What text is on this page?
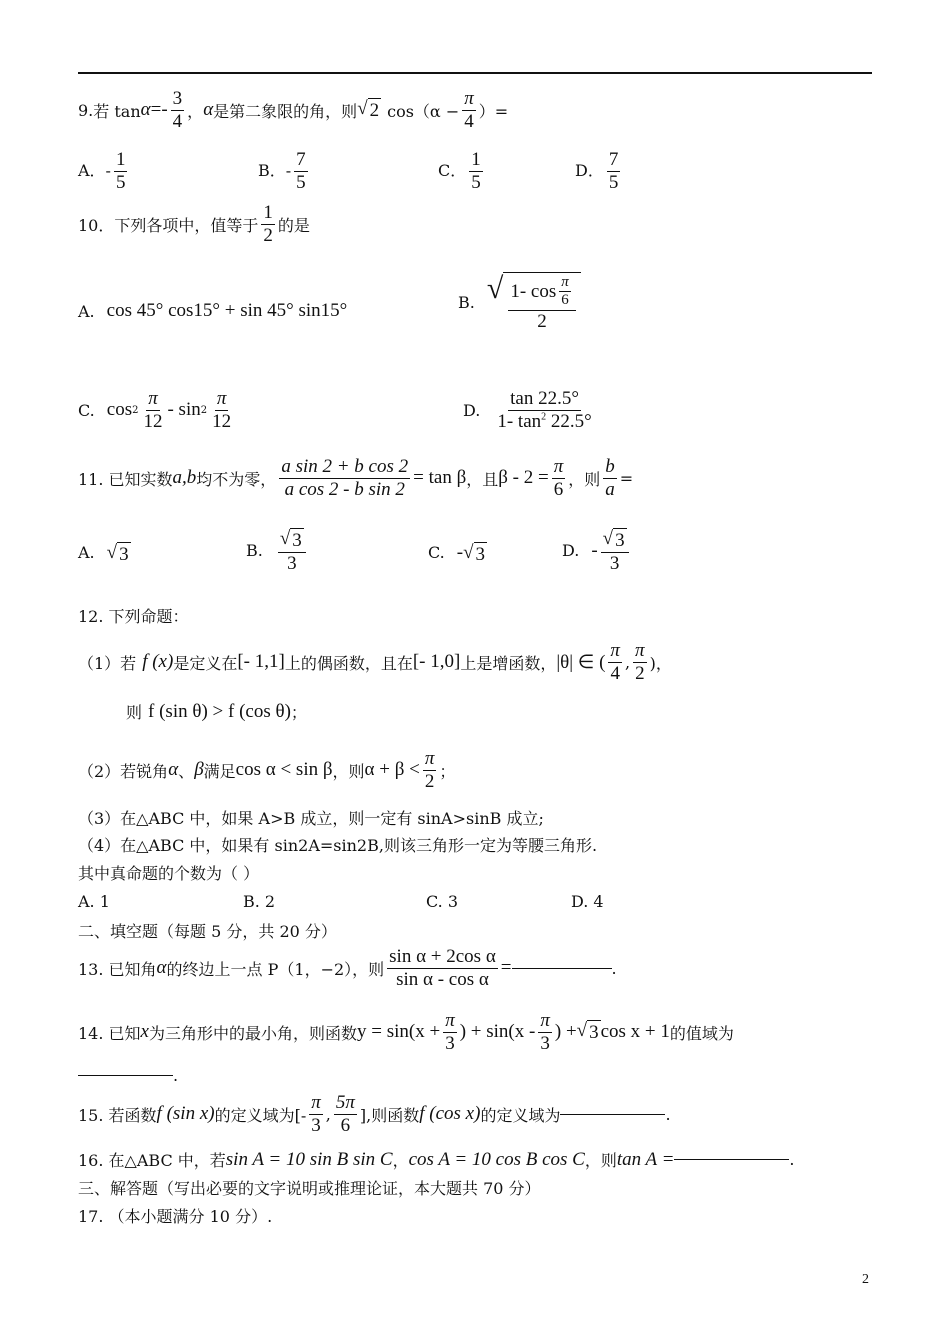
9. 若 $\tan \alpha =- \frac{3}{4}$ ， α 是第二象限的角，则 √ 2 $\cos(\alpha - \frac{\pi}{4}$ ）=
A．- $\frac{1}{5}$	B．- $\frac{7}{5}$	C． $\frac{1}{5}$	D． $\frac{7}{5}$
10．下列各项中，值等于 $\frac{1}{2}$ 的是
A. cos 45° cos15° + sin 45° sin15°	B. √ $\frac{1- \cos \frac{\pi}{6}}{2}$
C. $\cos 2 \frac{\pi}{12}$ - $\sin 2 \frac{\pi}{12}$	D. $\frac{\tan 22.5^\circ}{1- \tan^2 22.5^\circ}$
11. 已知实数 a,b 均不为零， $\frac{\text{a sin 2 + b cos 2}}{\text{a cos 2 - b sin 2}} = \tan \beta$ ，且 $\beta - 2 = \frac{\pi}{6}$ ，则 $\frac{b}{a}$ =
A. √ 3	B. $\frac{√ 3}{3}$	C. -√ 3	D. - $\frac{√ 3}{3}$
12. 下列命题：
（1）若 f (x) 是定义在 [- 1,1] 上的偶函数，且在 [- 1,0] 上是增函数， |θ| ∈ ( $\frac{\pi}{4}$ , $\frac{\pi}{2}$ )，
则 f (sin θ) > f (cos θ) ；
（2）若锐角 α 、 β 满足 cos α < sin β ，则 $\alpha + \beta < \frac{\pi}{2}$ ；
（3）在△ABC 中，如果 A>B 成立，则一定有 sinA>sinB 成立;
（4）在△ABC 中，如果有 sin2A=sin2B,则该三角形一定为等腰三角形.
其中真命题的个数为（ ）
A. 1	B. 2	C. 3	D. 4
二、填空题（每题 5 分，共 20 分）
13. 已知角 α 的终边上一点 P（1，−2），则 $\frac{\text{sin α + 2cos α}}{\text{sin α - cos α}}$ =	.
14. 已知 x 为三角形中的最小角，则函数 $y = \sin(x + \frac{\pi}{3}$ ) + $\sin(x - \frac{\pi}{3}$ ) + √ 3 cos x + 1 的值域为
.
15. 若函数 f (sin x) 的定义域为[- $\frac{\pi}{3}$ , $\frac{5\pi}{6}$ ],则函数 f (cos x) 的定义域为	.
16. 在△ABC 中，若 sin A = 10 sin B sin C ， cos A = 10 cos B cos C ，则 tan A =	.
三、解答题（写出必要的文字说明或推理论证，本大题共 70 分）
17. （本小题满分 10 分）.
2
